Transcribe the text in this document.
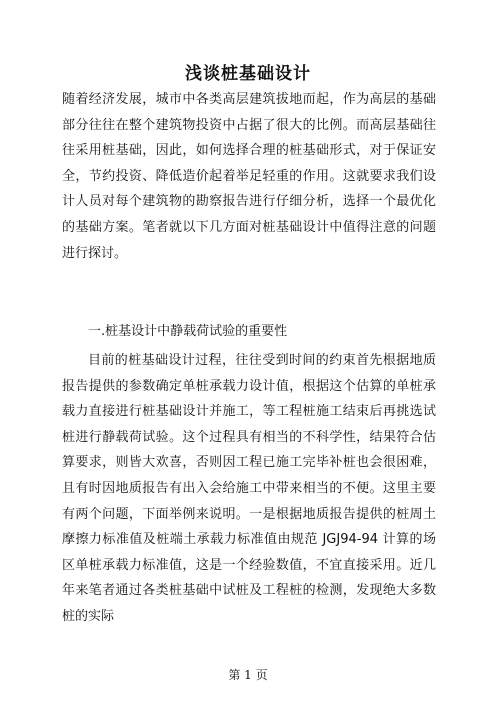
浅谈桩基础设计
随着经济发展，城市中各类高层建筑拔地而起，作为高层的基础部分往往在整个建筑物投资中占据了很大的比例。而高层基础往往采用桩基础，因此，如何选择合理的桩基础形式，对于保证安全，节约投资、降低造价起着举足轻重的作用。这就要求我们设计人员对每个建筑物的勘察报告进行仔细分析，选择一个最优化的基础方案。笔者就以下几方面对桩基础设计中值得注意的问题进行探讨。
一.桩基设计中静载荷试验的重要性
目前的桩基础设计过程，往往受到时间的约束首先根据地质报告提供的参数确定单桩承载力设计值，根据这个估算的单桩承载力直接进行桩基础设计并施工，等工程桩施工结束后再挑选试桩进行静载荷试验。这个过程具有相当的不科学性，结果符合估算要求，则皆大欢喜，否则因工程已施工完毕补桩也会很困难，且有时因地质报告有出入会给施工中带来相当的不便。这里主要有两个问题，下面举例来说明。一是根据地质报告提供的桩周土摩擦力标准值及桩端土承载力标准值由规范 JGJ94-94 计算的场区单桩承载力标准值，这是一个经验数值，不宜直接采用。近几年来笔者通过各类桩基础中试桩及工程桩的检测，发现绝大多数桩的实际
第 1 页
